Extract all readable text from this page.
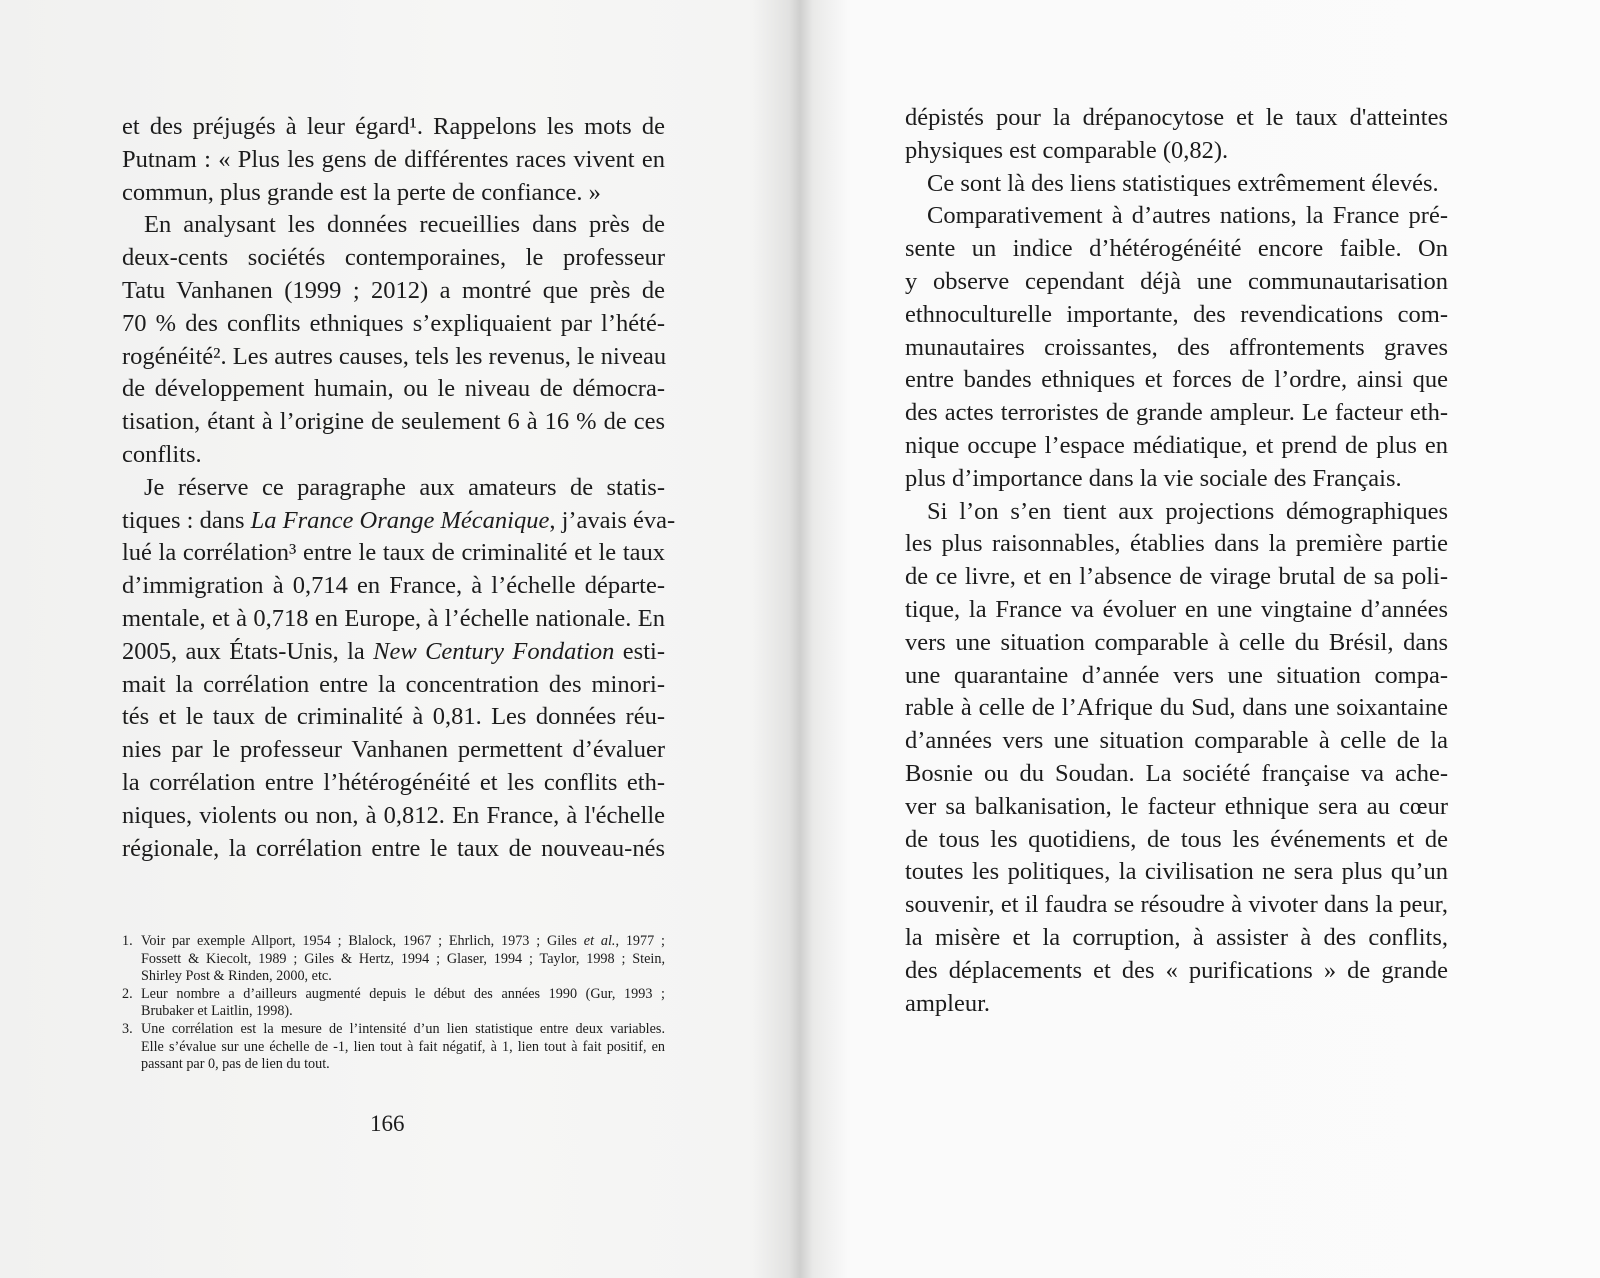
et des préjugés à leur égard¹. Rappelons les mots de
Putnam : « Plus les gens de différentes races vivent en
commun, plus grande est la perte de confiance. »
En analysant les données recueillies dans près de
deux-cents sociétés contemporaines, le professeur
Tatu Vanhanen (1999 ; 2012) a montré que près de
70 % des conflits ethniques s’expliquaient par l’hété-
rogénéité². Les autres causes, tels les revenus, le niveau
de développement humain, ou le niveau de démocra-
tisation, étant à l’origine de seulement 6 à 16 % de ces
conflits.
Je réserve ce paragraphe aux amateurs de statis-
tiques : dans La France Orange Mécanique, j’avais éva-
lué la corrélation³ entre le taux de criminalité et le taux
d’immigration à 0,714 en France, à l’échelle départe-
mentale, et à 0,718 en Europe, à l’échelle nationale. En
2005, aux États-Unis, la New Century Fondation esti-
mait la corrélation entre la concentration des minori-
tés et le taux de criminalité à 0,81. Les données réu-
nies par le professeur Vanhanen permettent d’évaluer
la corrélation entre l’hétérogénéité et les conflits eth-
niques, violents ou non, à 0,812. En France, à l'échelle
régionale, la corrélation entre le taux de nouveau-nés
1. Voir par exemple Allport, 1954 ; Blalock, 1967 ; Ehrlich, 1973 ; Giles et al., 1977 ;
Fossett & Kiecolt, 1989 ; Giles & Hertz, 1994 ; Glaser, 1994 ; Taylor, 1998 ; Stein,
Shirley Post & Rinden, 2000, etc.
2. Leur nombre a d’ailleurs augmenté depuis le début des années 1990 (Gur, 1993 ;
Brubaker et Laitlin, 1998).
3. Une corrélation est la mesure de l’intensité d’un lien statistique entre deux variables.
Elle s’évalue sur une échelle de -1, lien tout à fait négatif, à 1, lien tout à fait positif, en
passant par 0, pas de lien du tout.
166
dépistés pour la drépanocytose et le taux d'atteintes
physiques est comparable (0,82).
Ce sont là des liens statistiques extrêmement élevés.
Comparativement à d’autres nations, la France pré-
sente un indice d’hétérogénéité encore faible. On
y observe cependant déjà une communautarisation
ethnoculturelle importante, des revendications com-
munautaires croissantes, des affrontements graves
entre bandes ethniques et forces de l’ordre, ainsi que
des actes terroristes de grande ampleur. Le facteur eth-
nique occupe l’espace médiatique, et prend de plus en
plus d’importance dans la vie sociale des Français.
Si l’on s’en tient aux projections démographiques
les plus raisonnables, établies dans la première partie
de ce livre, et en l’absence de virage brutal de sa poli-
tique, la France va évoluer en une vingtaine d’années
vers une situation comparable à celle du Brésil, dans
une quarantaine d’année vers une situation compa-
rable à celle de l’Afrique du Sud, dans une soixantaine
d’années vers une situation comparable à celle de la
Bosnie ou du Soudan. La société française va ache-
ver sa balkanisation, le facteur ethnique sera au cœur
de tous les quotidiens, de tous les événements et de
toutes les politiques, la civilisation ne sera plus qu’un
souvenir, et il faudra se résoudre à vivoter dans la peur,
la misère et la corruption, à assister à des conflits,
des déplacements et des « purifications » de grande
ampleur.
